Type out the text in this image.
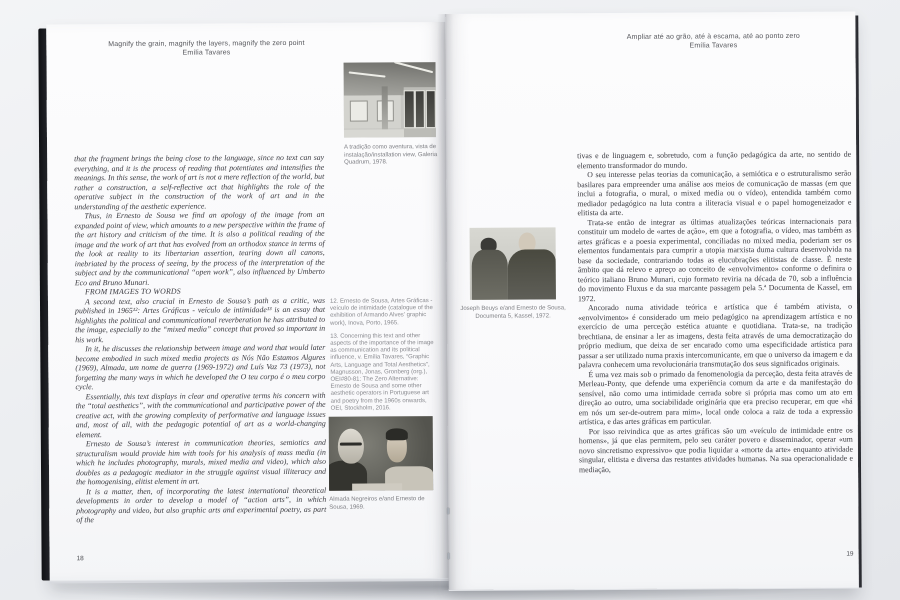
Magnify the grain, magnify the layers, magnify the zero point
Emília Tavares

that the fragment brings the being close to the language, since no text can say everything, and it is the process of reading that potentiates and intensifies the meanings. In this sense, the work of art is not a mere reflection of the world, but rather a construction, a self-reflective act that highlights the role of the operative subject in the construction of the work of art and in the understanding of the aesthetic experience.

Thus, in Ernesto de Sousa we find an apology of the image from an expanded point of view, which amounts to a new perspective within the frame of the art history and criticism of the time. It is also a political reading of the image and the work of art that has evolved from an orthodox stance in terms of the look at reality to its libertarian assertion, tearing down all canons, inebriated by the process of seeing, by the process of the interpretation of the subject and by the communicational “open work”, also influenced by Umberto Eco and Bruno Munari.

FROM IMAGES TO WORDS

A second text, also crucial in Ernesto de Sousa’s path as a critic, was published in 1965¹²: Artes Gráficas - veículo de intimidade¹³ is an essay that highlights the political and communicational reverberation he has attributed to the image, especially to the “mixed media” concept that proved so important in his work.

In it, he discusses the relationship between image and word that would later become embodied in such mixed media projects as Nós Não Estamos Algures (1969), Almada, um nome de guerra (1969-1972) and Luís Vaz 73 (1973), not forgetting the many ways in which he developed the O teu corpo é o meu corpo cycle.

Essentially, this text displays in clear and operative terms his concern with the “total aesthetics”, with the communicational and participative power of the creative act, with the growing complexity of performative and language issues and, most of all, with the pedagogic potential of art as a world-changing element.

Ernesto de Sousa’s interest in communication theories, semiotics and structuralism would provide him with tools for his analysis of mass media (in which he includes photography, murals, mixed media and video), which also doubles as a pedagogic mediator in the struggle against visual illiteracy and the homogenising, elitist element in art.

It is a matter, then, of incorporating the latest international theoretical developments in order to develop a model of “action arts”, in which photography and video, but also graphic arts and experimental poetry, as part of the

A tradição como aventura, vista de instalação/installation view, Galeria Quadrum, 1978.

12. Ernesto de Sousa, Artes Gráficas - veículo de intimidade (catalogue of the exhibition of Armando Alves’ graphic work), Inova, Porto, 1965.

13. Concerning this text and other aspects of the importance of the image as communication and its political influence, v. Emília Tavares, “Graphic Arts, Language and Total Aesthetics”, Magnusson, Jonas, Gronberg (org.), OEI#80-81: The Zero Alternative: Ernesto de Sousa and some other aesthetic operators in Portuguese art and poetry from the 1960s onwards, OEI, Stockholm, 2016.

Almada Negreiros e/and Ernesto de Sousa, 1969.
18
Ampliar até ao grão, até à escama, até ao ponto zero
Emília Tavares
Joseph Beuys e/and Ernesto de Sousa, Documenta 5, Kassel, 1972.

tivas e de linguagem e, sobretudo, com a função pedagógica da arte, no sentido de elemento transformador do mundo.

O seu interesse pelas teorias da comunicação, a semiótica e o estruturalismo serão basilares para empreender uma análise aos meios de comunicação de massas (em que inclui a fotografia, o mural, o mixed media ou o vídeo), entendida também como mediador pedagógico na luta contra a iliteracia visual e o papel homogeneizador e elitista da arte.

Trata-se então de integrar as últimas atualizações teóricas internacionais para constituir um modelo de «artes de ação», em que a fotografia, o vídeo, mas também as artes gráficas e a poesia experimental, conciliadas no mixed media, poderiam ser os elementos fundamentais para cumprir a utopia marxista duma cultura desenvolvida na base da sociedade, contrariando todas as elucubrações elitistas de classe. É neste âmbito que dá relevo e apreço ao conceito de «envolvimento» conforme o definira o teórico italiano Bruno Munari, cujo formato reviria na década de 70, sob a influência do movimento Fluxus e da sua marcante passagem pela 5.ª Documenta de Kassel, em 1972.

Ancorado numa atividade teórica e artística que é também ativista, o «envolvimento» é considerado um meio pedagógico na aprendizagem artística e no exercício de uma perceção estética atuante e quotidiana. Trata-se, na tradição brechtiana, de ensinar a ler as imagens, desta feita através de uma democratização do próprio medium, que deixa de ser encarado como uma especificidade artística para passar a ser utilizado numa praxis intercomunicante, em que o universo da imagem e da palavra conhecem uma revolucionária transmutação dos seus significados originais.

É uma vez mais sob o primado da fenomenologia da perceção, desta feita através de Merleau-Ponty, que defende uma experiência comum da arte e da manifestação do sensível, não como uma intimidade cerrada sobre si própria mas como um ato em direção ao outro, uma sociabilidade originária que era preciso recuperar, em que «há em nós um ser-de-outrem para mim», local onde coloca a raiz de toda a expressão artística, e das artes gráficas em particular.

Por isso reivindica que as artes gráficas são um «veículo de intimidade entre os homens», já que elas permitem, pelo seu caráter povero e disseminador, operar «um novo sincretismo expressivo» que podia liquidar a «morte da arte» enquanto atividade singular, elitista e diversa das restantes atividades humanas. Na sua operacionalidade e mediação,

19
